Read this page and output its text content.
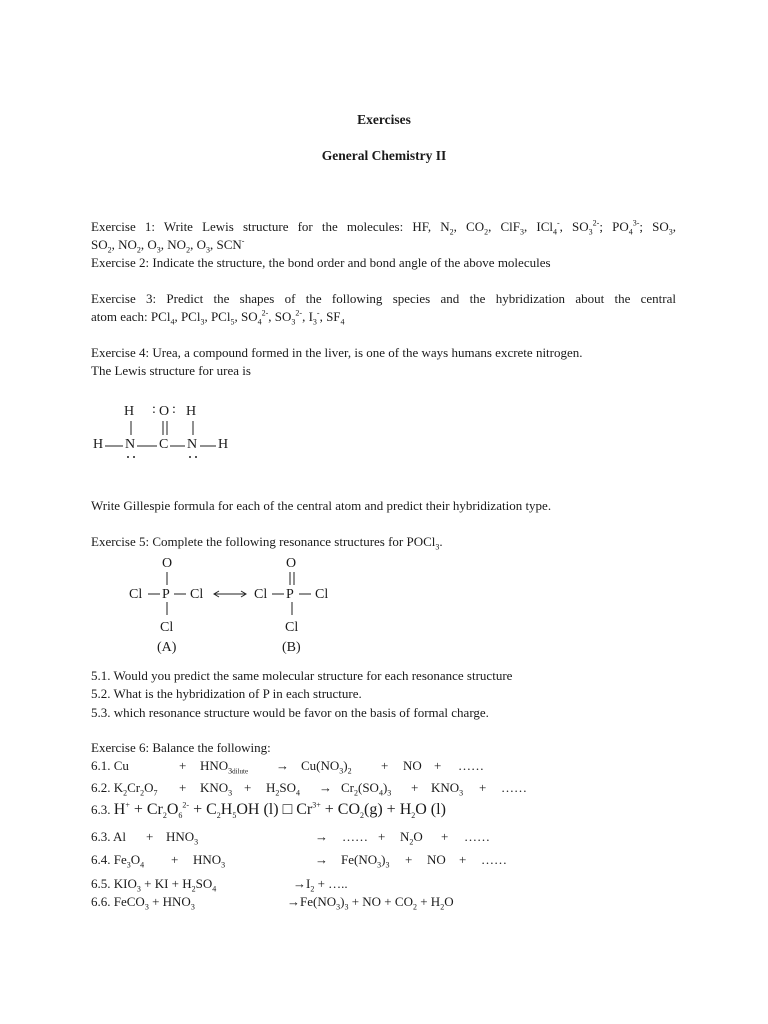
Exercises
General Chemistry II
Exercise 1: Write Lewis structure for the molecules: HF, $N_2$, $CO_2$, ClF$_3$, ICl$_4$-, $SO_3^{2-}$; $PO_4^{3-}$; $SO_3$,
$SO_2$, $NO_2$, $O_3$, $NO_2$, $O_3$, SCN-
Exercise 2: Indicate the structure, the bond order and bond angle of the above molecules
Exercise 3: Predict the shapes of the following species and the hybridization about the central
atom each: PCl$_4$, PCl$_3$, PCl$_5$, $SO_4^{2-}$, $SO_3^{2-}$, $I_3^-$, $SF_4$
Exercise 4: Urea, a compound formed in the liver, is one of the ways humans excrete nitrogen.
The Lewis structure for urea is
H : O : H
H N C N H
Write Gillespie formula for each of the central atom and predict their hybridization type.
Exercise 5: Complete the following resonance structures for POCl$_3$.
O
Cl P Cl
Cl
(A)
O
Cl P Cl
Cl
(B)
5.1. Would you predict the same molecular structure for each resonance structure
5.2. What is the hybridization of P in each structure.
5.3. which resonance structure would be favor on the basis of formal charge.
Exercise 6: Balance the following:
6.1. Cu	+ $HNO_{3dilute} \to Cu(NO_3)_2$ + NO + ……
6.2. $K_2Cr_2O_7 + KNO_3 + H_2SO_4 \to Cr_2(SO_4)_3 + KNO_3$ + ……
6.3. $H^+ + Cr_2O_6^{2-} + C_2H_5OH$ (l) □ $Cr^{3+} + CO_2(g) + H_2O$ (l)
6.3. $Al + HNO_3$	→ …… + $N_2O$ + ……
6.4. $Fe_3O_4 + HNO_3$	→ $Fe(NO_3)_3$ + NO + ……
6.5. $KIO_3$ + KI + $H_2SO_4$	$\to I_2$ + …..
6.6. FeCO$_3$ + $HNO_3$	$\to Fe(NO_3)_3$ + NO + $CO_2 + H_2O$
